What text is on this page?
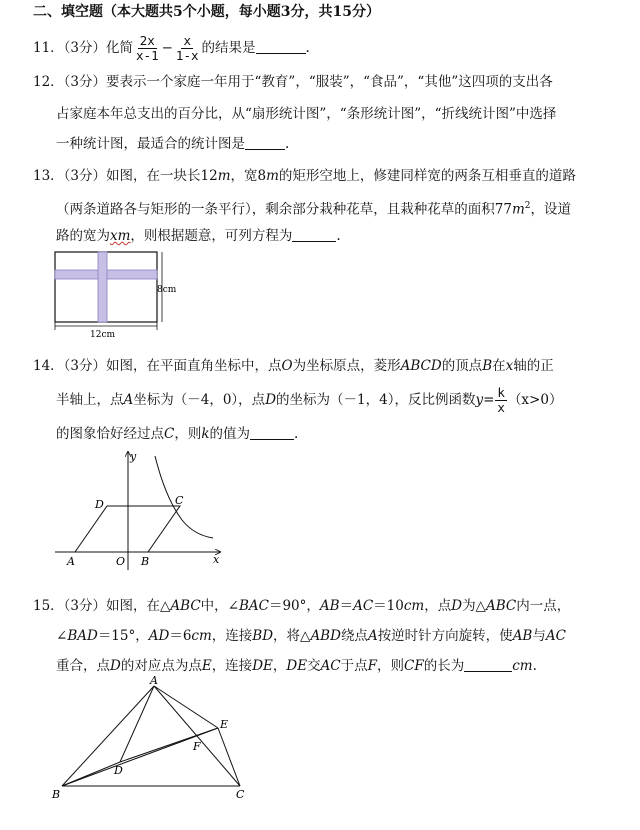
二、填空题（本大题共5个小题，每小题3分，共15分）
11．（3分）化简 $\frac{2x}{x-1} - \frac{x}{1-x}$ 的结果是	.
12．（3分）要表示一个家庭一年用于“教育”，“服装”，“食品”，“其他”这四项的支出各
占家庭本年总支出的百分比，从“扇形统计图”，“条形统计图”，“折线统计图”中选择
一种统计图，最适合的统计图是	.
13．（3分）如图，在一块长12m，宽8m的矩形空地上，修建同样宽的两条互相垂直的道路
（两条道路各与矩形的一条平行），剩余部分栽种花草，且栽种花草的面积$77m^2$，设道
路的宽为xm，则根据题意，可列方程为	.
12cm
8cm
14．（3分）如图，在平面直角坐标中，点O为坐标原点，菱形ABCD的顶点B在x轴的正
半轴上，点A坐标为（－4，0），点D的坐标为（－1，4），反比例函数$y= \frac{k}{x} (x>0)$
的图象恰好经过点C，则k的值为	.
y
x
D	C
A	O B
15．（3分）如图，在△ABC中，∠BAC＝90°，AB＝AC＝10cm，点D为△ABC内一点，
∠BAD＝15°，AD＝6cm，连接BD，将△ABD绕点A按逆时针方向旋转，使AB与AC
重合，点D的对应点为点E，连接DE，DE交AC于点F，则CF的长为	cm.
A
E
F
D
B	C
